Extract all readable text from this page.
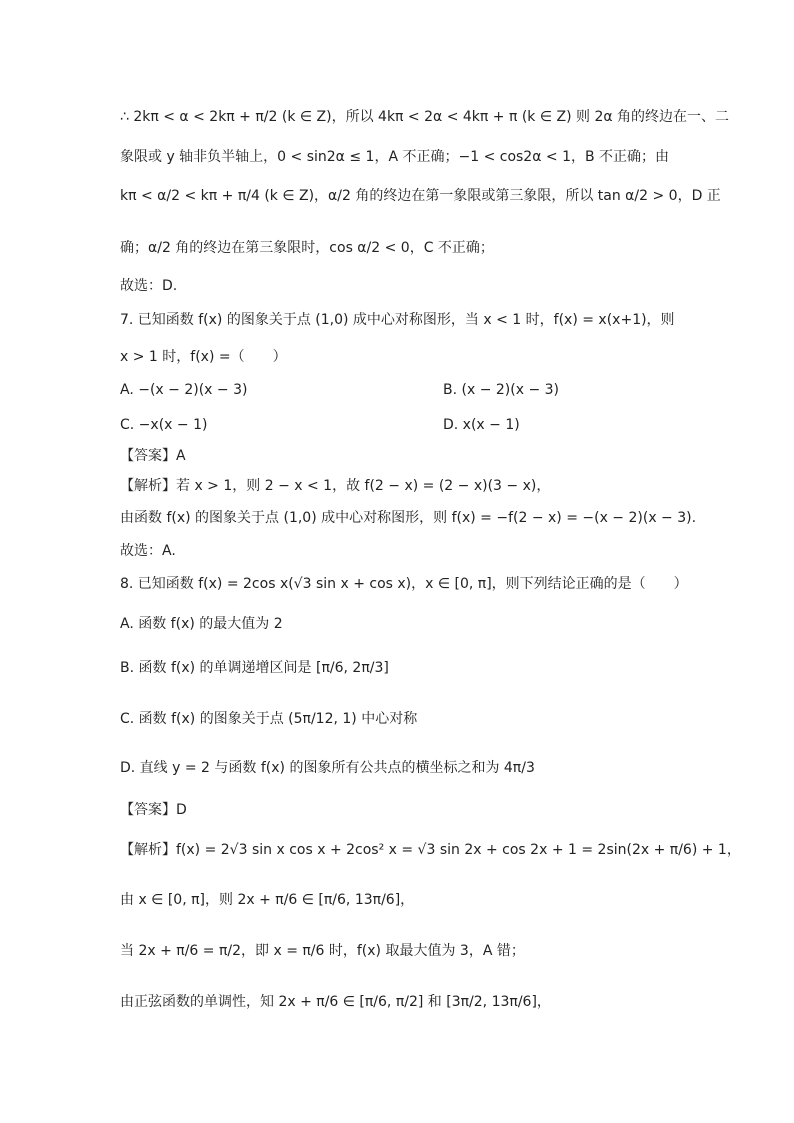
∴ 2kπ < α < 2kπ + π/2 (k ∈ Z)，所以 4kπ < 2α < 4kπ + π (k ∈ Z) 则 2α 角的终边在一、二
象限或 y 轴非负半轴上，0 < sin2α ≤ 1，A 不正确；−1 < cos2α < 1，B 不正确；由
kπ < α/2 < kπ + π/4 (k ∈ Z)，α/2 角的终边在第一象限或第三象限，所以 tan α/2 > 0，D 正
确；α/2 角的终边在第三象限时，cos α/2 < 0，C 不正确；
故选：D.
7. 已知函数 f(x) 的图象关于点 (1,0) 成中心对称图形，当 x < 1 时，f(x) = x(x+1)，则
x > 1 时，f(x) =（　　）
A. −(x − 2)(x − 3)	B. (x − 2)(x − 3)
C. −x(x − 1)	D. x(x − 1)
【答案】A
【解析】若 x > 1，则 2 − x < 1，故 f(2 − x) = (2 − x)(3 − x)，
由函数 f(x) 的图象关于点 (1,0) 成中心对称图形，则 f(x) = −f(2 − x) = −(x − 2)(x − 3).
故选：A.
8. 已知函数 f(x) = 2cos x(√3 sin x + cos x)，x ∈ [0, π]，则下列结论正确的是（　　）
A. 函数 f(x) 的最大值为 2
B. 函数 f(x) 的单调递增区间是 [π/6, 2π/3]
C. 函数 f(x) 的图象关于点 (5π/12, 1) 中心对称
D. 直线 y = 2 与函数 f(x) 的图象所有公共点的横坐标之和为 4π/3
【答案】D
【解析】f(x) = 2√3 sin x cos x + 2cos² x = √3 sin 2x + cos 2x + 1 = 2sin(2x + π/6) + 1，
由 x ∈ [0, π]，则 2x + π/6 ∈ [π/6, 13π/6]，
当 2x + π/6 = π/2，即 x = π/6 时，f(x) 取最大值为 3，A 错；
由正弦函数的单调性，知 2x + π/6 ∈ [π/6, π/2] 和 [3π/2, 13π/6]，
